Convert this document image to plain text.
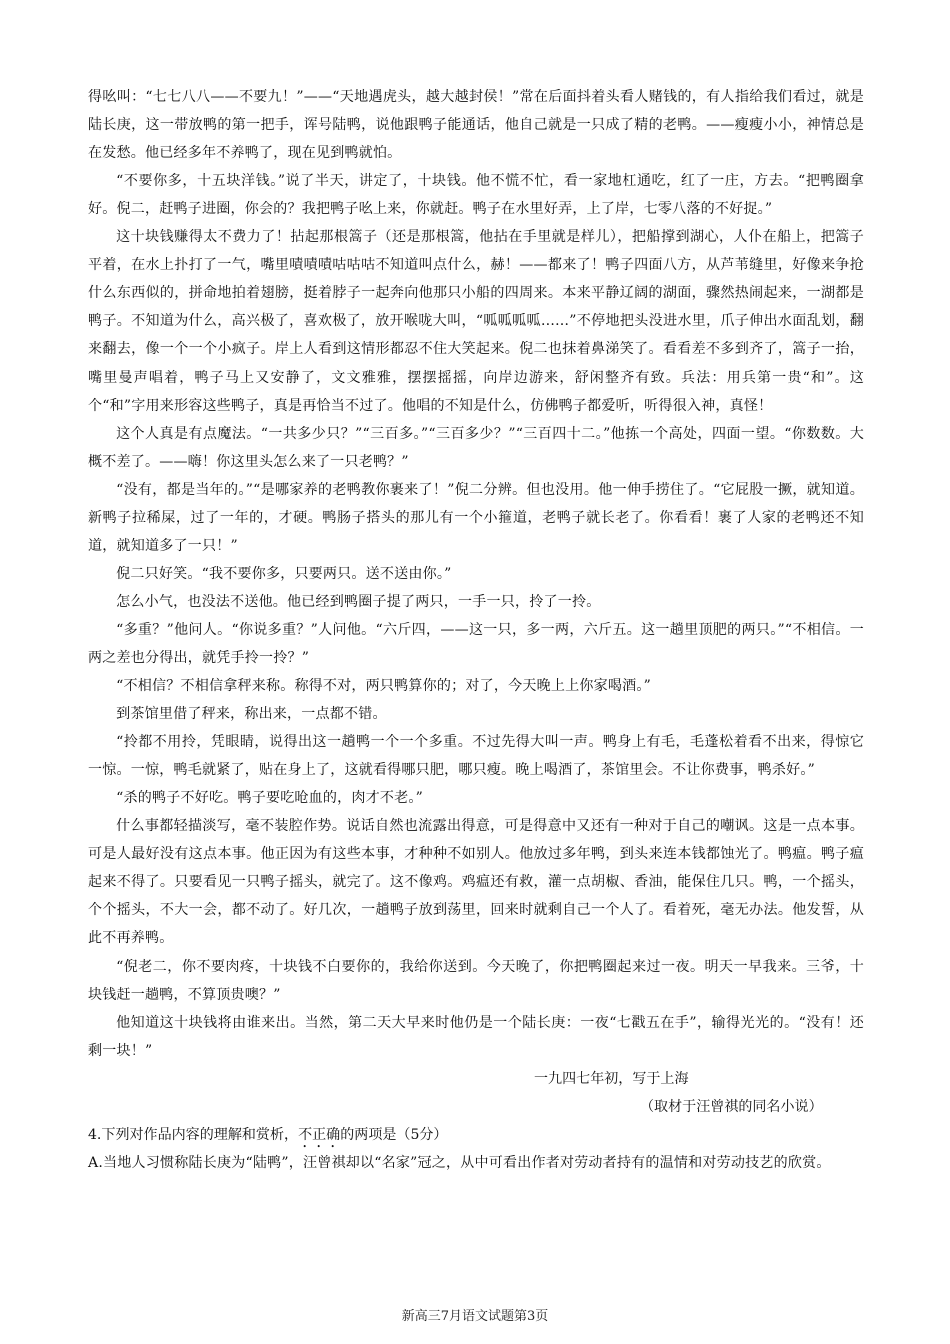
得吆叫：“七七八八——不要九！”——“天地遇虎头，越大越封侯！”常在后面抖着头看人赌钱的，有人指给我们看过，就是陆长庚，这一带放鸭的第一把手，诨号陆鸭，说他跟鸭子能通话，他自己就是一只成了精的老鸭。——瘦瘦小小，神情总是在发愁。他已经多年不养鸭了，现在见到鸭就怕。
“不要你多，十五块洋钱。”说了半天，讲定了，十块钱。他不慌不忙，看一家地杠通吃，红了一庄，方去。“把鸭圈拿好。倪二，赶鸭子进圈，你会的？我把鸭子吆上来，你就赶。鸭子在水里好弄，上了岸，七零八落的不好捉。”
这十块钱赚得太不费力了！拈起那根篙子（还是那根篙，他拈在手里就是样儿），把船撑到湖心，人仆在船上，把篙子平着，在水上扑打了一气，嘴里嘖嘖嘖咕咕咕不知道叫点什么，赫！——都来了！鸭子四面八方，从芦苇缝里，好像来争抢什么东西似的，拼命地拍着翅膀，挺着脖子一起奔向他那只小船的四周来。本来平静辽阔的湖面，骤然热闹起来，一湖都是鸭子。不知道为什么，高兴极了，喜欢极了，放开喉咙大叫，“呱呱呱呱……”不停地把头没进水里，爪子伸出水面乱划，翻来翻去，像一个一个小疯子。岸上人看到这情形都忍不住大笑起来。倪二也抹着鼻涕笑了。看看差不多到齐了，篙子一抬，嘴里曼声唱着，鸭子马上又安静了，文文雅雅，摆摆摇摇，向岸边游来，舒闲整齐有致。兵法：用兵第一贵“和”。这个“和”字用来形容这些鸭子，真是再恰当不过了。他唱的不知是什么，仿佛鸭子都爱听，听得很入神，真怪！
这个人真是有点魔法。“一共多少只？”“三百多。”“三百多少？”“三百四十二。”他拣一个高处，四面一望。“你数数。大概不差了。——嗨！你这里头怎么来了一只老鸭？”
“没有，都是当年的。”“是哪家养的老鸭教你裹来了！”倪二分辨。但也没用。他一伸手捞住了。“它屁股一撅，就知道。新鸭子拉稀屎，过了一年的，才硬。鸭肠子搭头的那儿有一个小箍道，老鸭子就长老了。你看看！裹了人家的老鸭还不知道，就知道多了一只！”
倪二只好笑。“我不要你多，只要两只。送不送由你。”
怎么小气，也没法不送他。他已经到鸭圈子提了两只，一手一只，拎了一拎。
“多重？”他问人。“你说多重？”人问他。“六斤四，——这一只，多一两，六斤五。这一趟里顶肥的两只。”“不相信。一两之差也分得出，就凭手拎一拎？”
“不相信？不相信拿秤来称。称得不对，两只鸭算你的；对了，今天晚上上你家喝酒。”
到茶馆里借了秤来，称出来，一点都不错。
“拎都不用拎，凭眼睛，说得出这一趟鸭一个一个多重。不过先得大叫一声。鸭身上有毛，毛蓬松着看不出来，得惊它一惊。一惊，鸭毛就紧了，贴在身上了，这就看得哪只肥，哪只瘦。晚上喝酒了，茶馆里会。不让你费事，鸭杀好。”
“杀的鸭子不好吃。鸭子要吃呛血的，肉才不老。”
什么事都轻描淡写，毫不装腔作势。说话自然也流露出得意，可是得意中又还有一种对于自己的嘲讽。这是一点本事。可是人最好没有这点本事。他正因为有这些本事，才种种不如别人。他放过多年鸭，到头来连本钱都蚀光了。鸭瘟。鸭子瘟起来不得了。只要看见一只鸭子摇头，就完了。这不像鸡。鸡瘟还有救，灌一点胡椒、香油，能保住几只。鸭，一个摇头，个个摇头，不大一会，都不动了。好几次，一趟鸭子放到荡里，回来时就剩自己一个人了。看着死，毫无办法。他发誓，从此不再养鸭。
“倪老二，你不要肉疼，十块钱不白要你的，我给你送到。今天晚了，你把鸭圈起来过一夜。明天一早我来。三爷，十块钱赶一趟鸭，不算顶贵噢？”
他知道这十块钱将由谁来出。当然，第二天大早来时他仍是一个陆长庚：一夜“七戳五在手”，输得光光的。“没有！还剩一块！”
一九四七年初，写于上海
新高三7月语文试题第3页
（取材于汪曾祺的同名小说）
4.下列对作品内容的理解和赏析，不正确的两项是（5分）
A.当地人习惯称陆长庚为“陆鸭”，汪曾祺却以“名家”冠之，从中可看出作者对劳动者持有的温情和对劳动技艺的欣赏。
